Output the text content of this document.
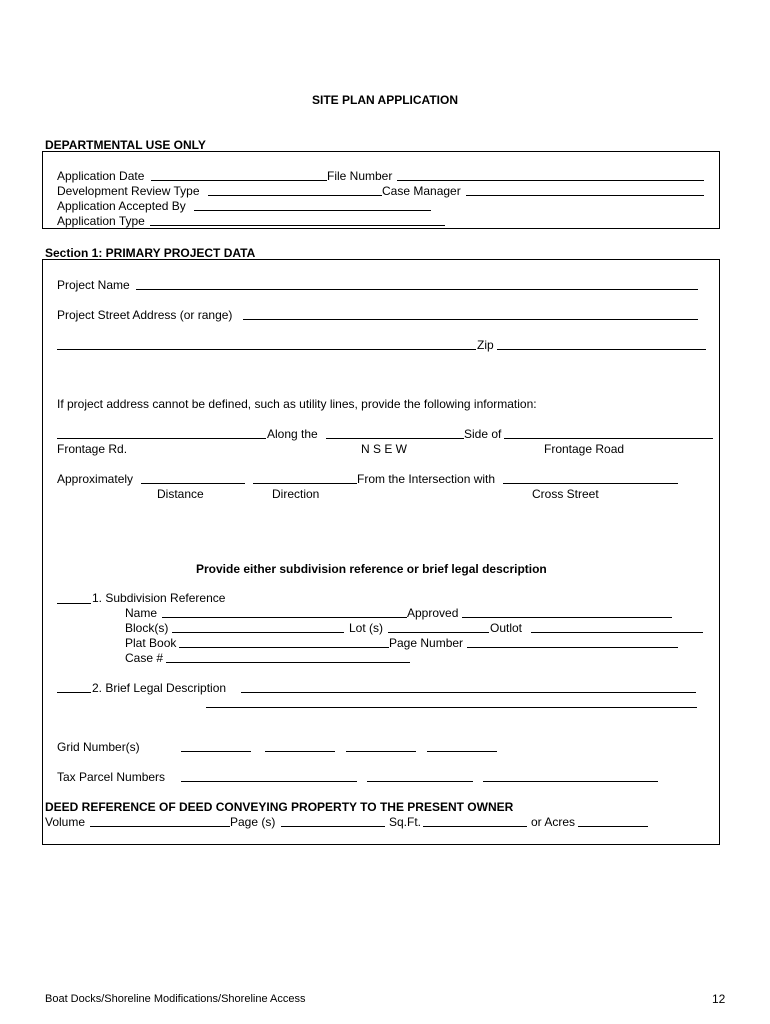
SITE PLAN APPLICATION
DEPARTMENTAL USE ONLY
Application Date	File Number
Development Review Type	Case Manager
Application Accepted By
Application Type
Section 1: PRIMARY PROJECT DATA
Project Name
Project Street Address (or range)
Zip
If project address cannot be defined, such as utility lines, provide the following information:
Along the	Side of
Frontage Rd.	N S E W	Frontage Road
Approximately	From the Intersection with
Distance	Direction	Cross Street
Provide either subdivision reference or brief legal description
1. Subdivision Reference
Name	Approved
Block(s)	Lot (s)	Outlot
Plat Book	Page Number
Case #
2. Brief Legal Description
Grid Number(s)
Tax Parcel Numbers
DEED REFERENCE OF DEED CONVEYING PROPERTY TO THE PRESENT OWNER
Volume	Page (s)	Sq.Ft.	or Acres
Boat Docks/Shoreline Modifications/Shoreline Access	12
